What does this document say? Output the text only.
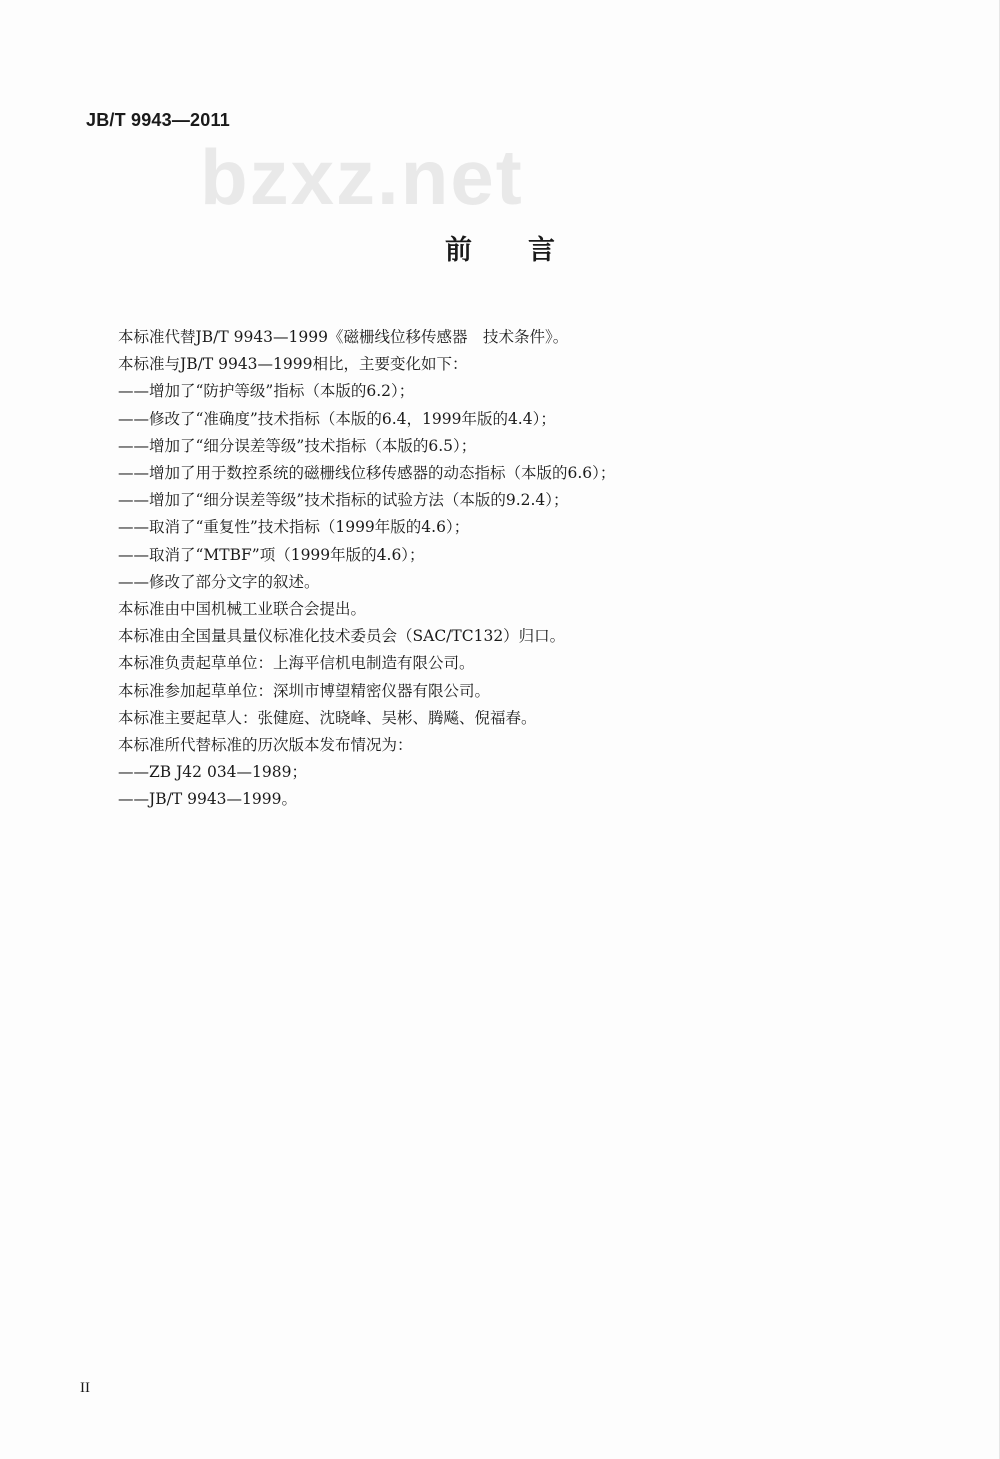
JB/T 9943—2011
bzxz.net
前 言
本标准代替JB/T 9943—1999《磁栅线位移传感器　技术条件》。
本标准与JB/T 9943—1999相比，主要变化如下：
——增加了“防护等级”指标（本版的6.2）；
——修改了“准确度”技术指标（本版的6.4，1999年版的4.4）；
——增加了“细分误差等级”技术指标（本版的6.5）；
——增加了用于数控系统的磁栅线位移传感器的动态指标（本版的6.6）；
——增加了“细分误差等级”技术指标的试验方法（本版的9.2.4）；
——取消了“重复性”技术指标（1999年版的4.6）；
——取消了“MTBF”项（1999年版的4.6）；
——修改了部分文字的叙述。
本标准由中国机械工业联合会提出。
本标准由全国量具量仪标准化技术委员会（SAC/TC132）归口。
本标准负责起草单位：上海平信机电制造有限公司。
本标准参加起草单位：深圳市博望精密仪器有限公司。
本标准主要起草人：张健庭、沈晓峰、吴彬、腾飚、倪福春。
本标准所代替标准的历次版本发布情况为：
——ZB J42 034—1989；
——JB/T 9943—1999。
II
